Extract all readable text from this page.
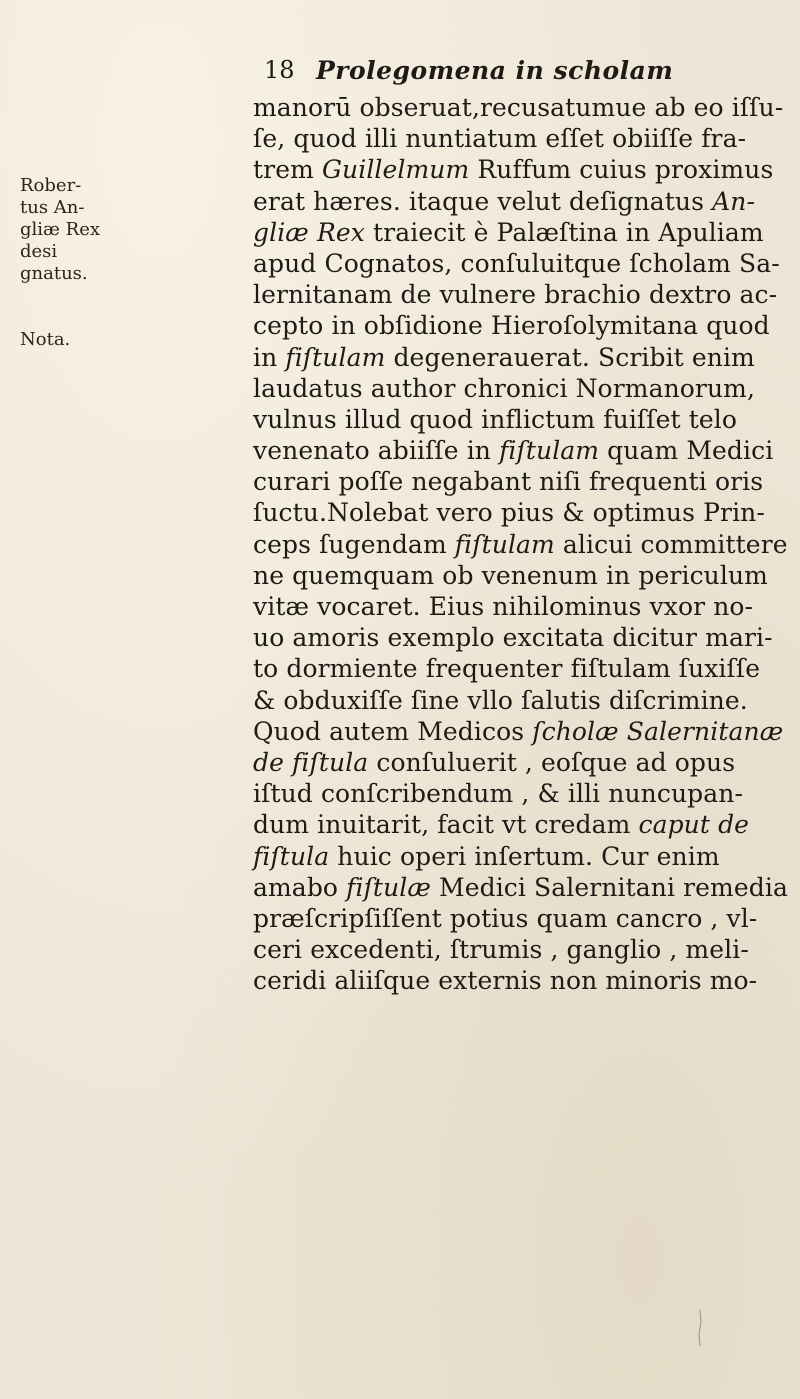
18 Prolegomena in scholam
Rober-
tus An-
gliæ Rex
desi
gnatus.
Nota.
manorū obseruat,recusatumue ab eo iſſu-
ſe, quod illi nuntiatum eſſet obiiſſe fra-
trem Guillelmum Ruffum cuius proximus
erat hæres. itaque velut deſignatus An-
gliæ Rex traiecit è Palæſtina in Apuliam
apud Cognatos, conſuluitque ſcholam Sa-
lernitanam de vulnere brachio dextro ac-
cepto in obſidione Hieroſolymitana quod
in fiſtulam degenerauerat. Scribit enim
laudatus author chronici Normanorum,
vulnus illud quod inflictum fuiſſet telo
venenato abiiſſe in fiſtulam quam Medici
curari poſſe negabant niſi frequenti oris
ſuctu.Nolebat vero pius & optimus Prin-
ceps ſugendam fiſtulam alicui committere
ne quemquam ob venenum in periculum
vitæ vocaret. Eius nihilominus vxor no-
uo amoris exemplo excitata dicitur mari-
to dormiente frequenter fiſtulam ſuxiſſe
& obduxiſſe ſine vllo ſalutis diſcrimine.
Quod autem Medicos ſcholæ Salernitanæ
de fiſtula conſuluerit , eoſque ad opus
iſtud conſcribendum , & illi nuncupan-
dum inuitarit, facit vt credam caput de
fiſtula huic operi inſertum. Cur enim
amabo fiſtulæ Medici Salernitani remedia
præſcripſiſſent potius quam cancro , vl-
ceri excedenti, ſtrumis , ganglio , meli-
ceridi aliiſque externis non minoris mo-
